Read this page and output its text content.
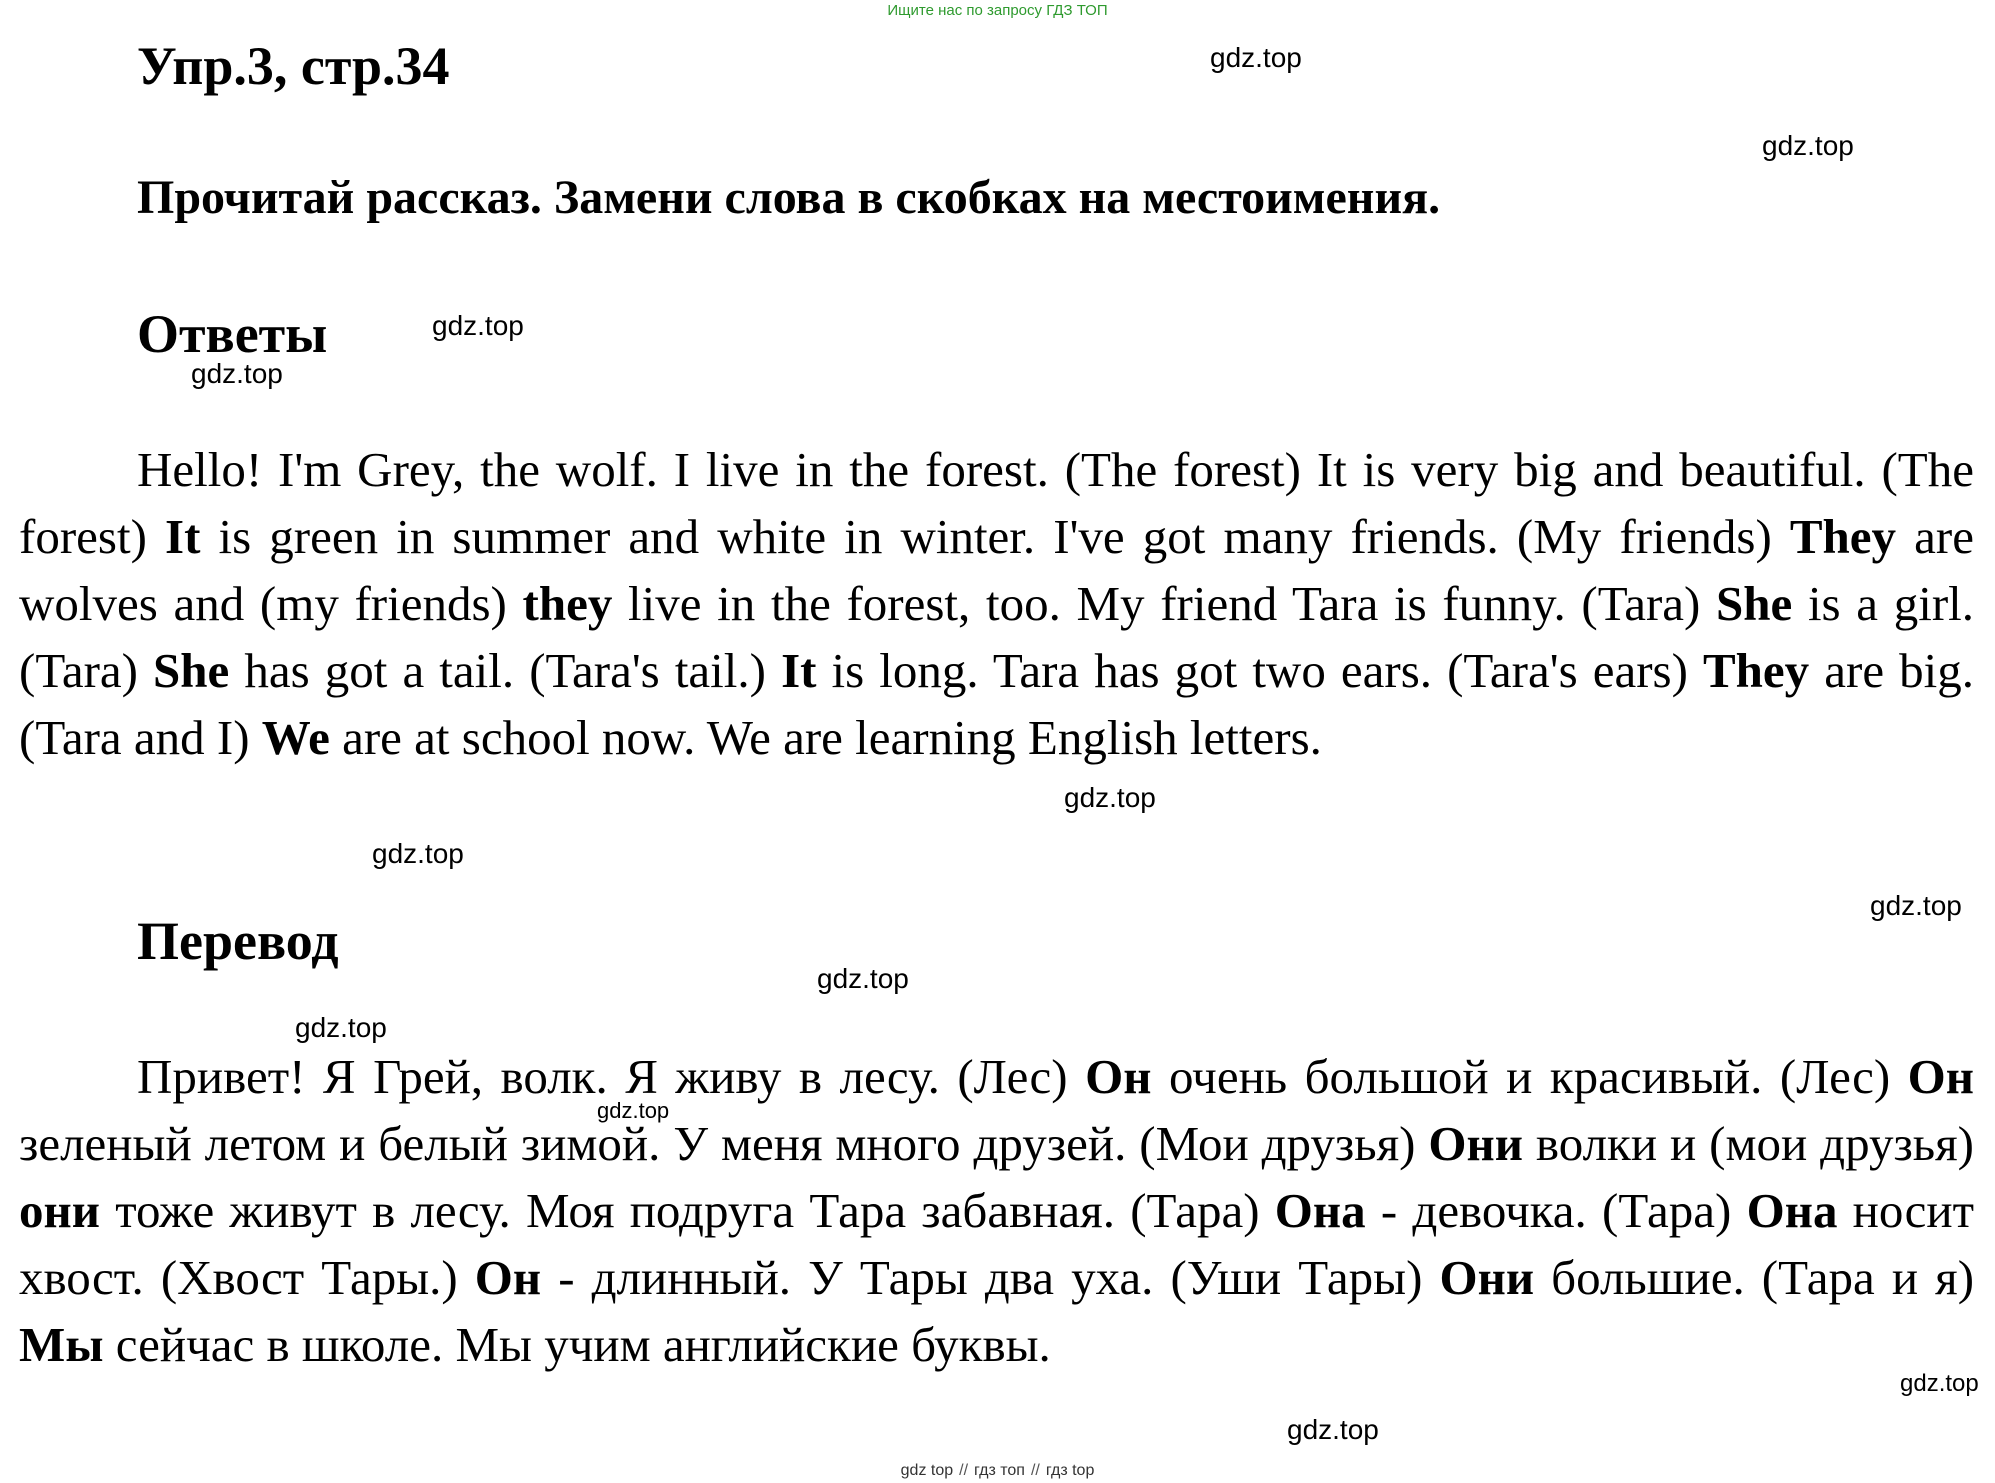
Ищите нас по запросу ГДЗ ТОП
Упр.3, стр.34
Прочитай рассказ. Замени слова в скобках на местоимения.
Ответы
Hello! I'm Grey, the wolf. I live in the forest. (The forest) It is very big and beautiful. (The forest) It is green in summer and white in winter. I've got many friends. (My friends) They are wolves and (my friends) they live in the forest, too. My friend Tara is funny. (Tara) She is a girl. (Tara) She has got a tail. (Tara's tail.) It is long. Tara has got two ears. (Tara's ears) They are big. (Tara and I) We are at school now. We are learning English letters.
Перевод
Привет! Я Грей, волк. Я живу в лесу. (Лес) Он очень большой и красивый. (Лес) Он зеленый летом и белый зимой. У меня много друзей. (Мои друзья) Они волки и (мои друзья) они тоже живут в лесу. Моя подруга Тара забавная. (Тара) Она - девочка. (Тара) Она носит хвост. (Хвост Тары.) Он - длинный. У Тары два уха. (Уши Тары) Они большие. (Тара и я) Мы сейчас в школе. Мы учим английские буквы.
gdz.top
gdz.top
gdz.top
gdz.top
gdz.top
gdz.top
gdz.top
gdz.top
gdz.top
gdz.top
gdz.top
gdz.top
gdz top // гдз топ // гдз top
